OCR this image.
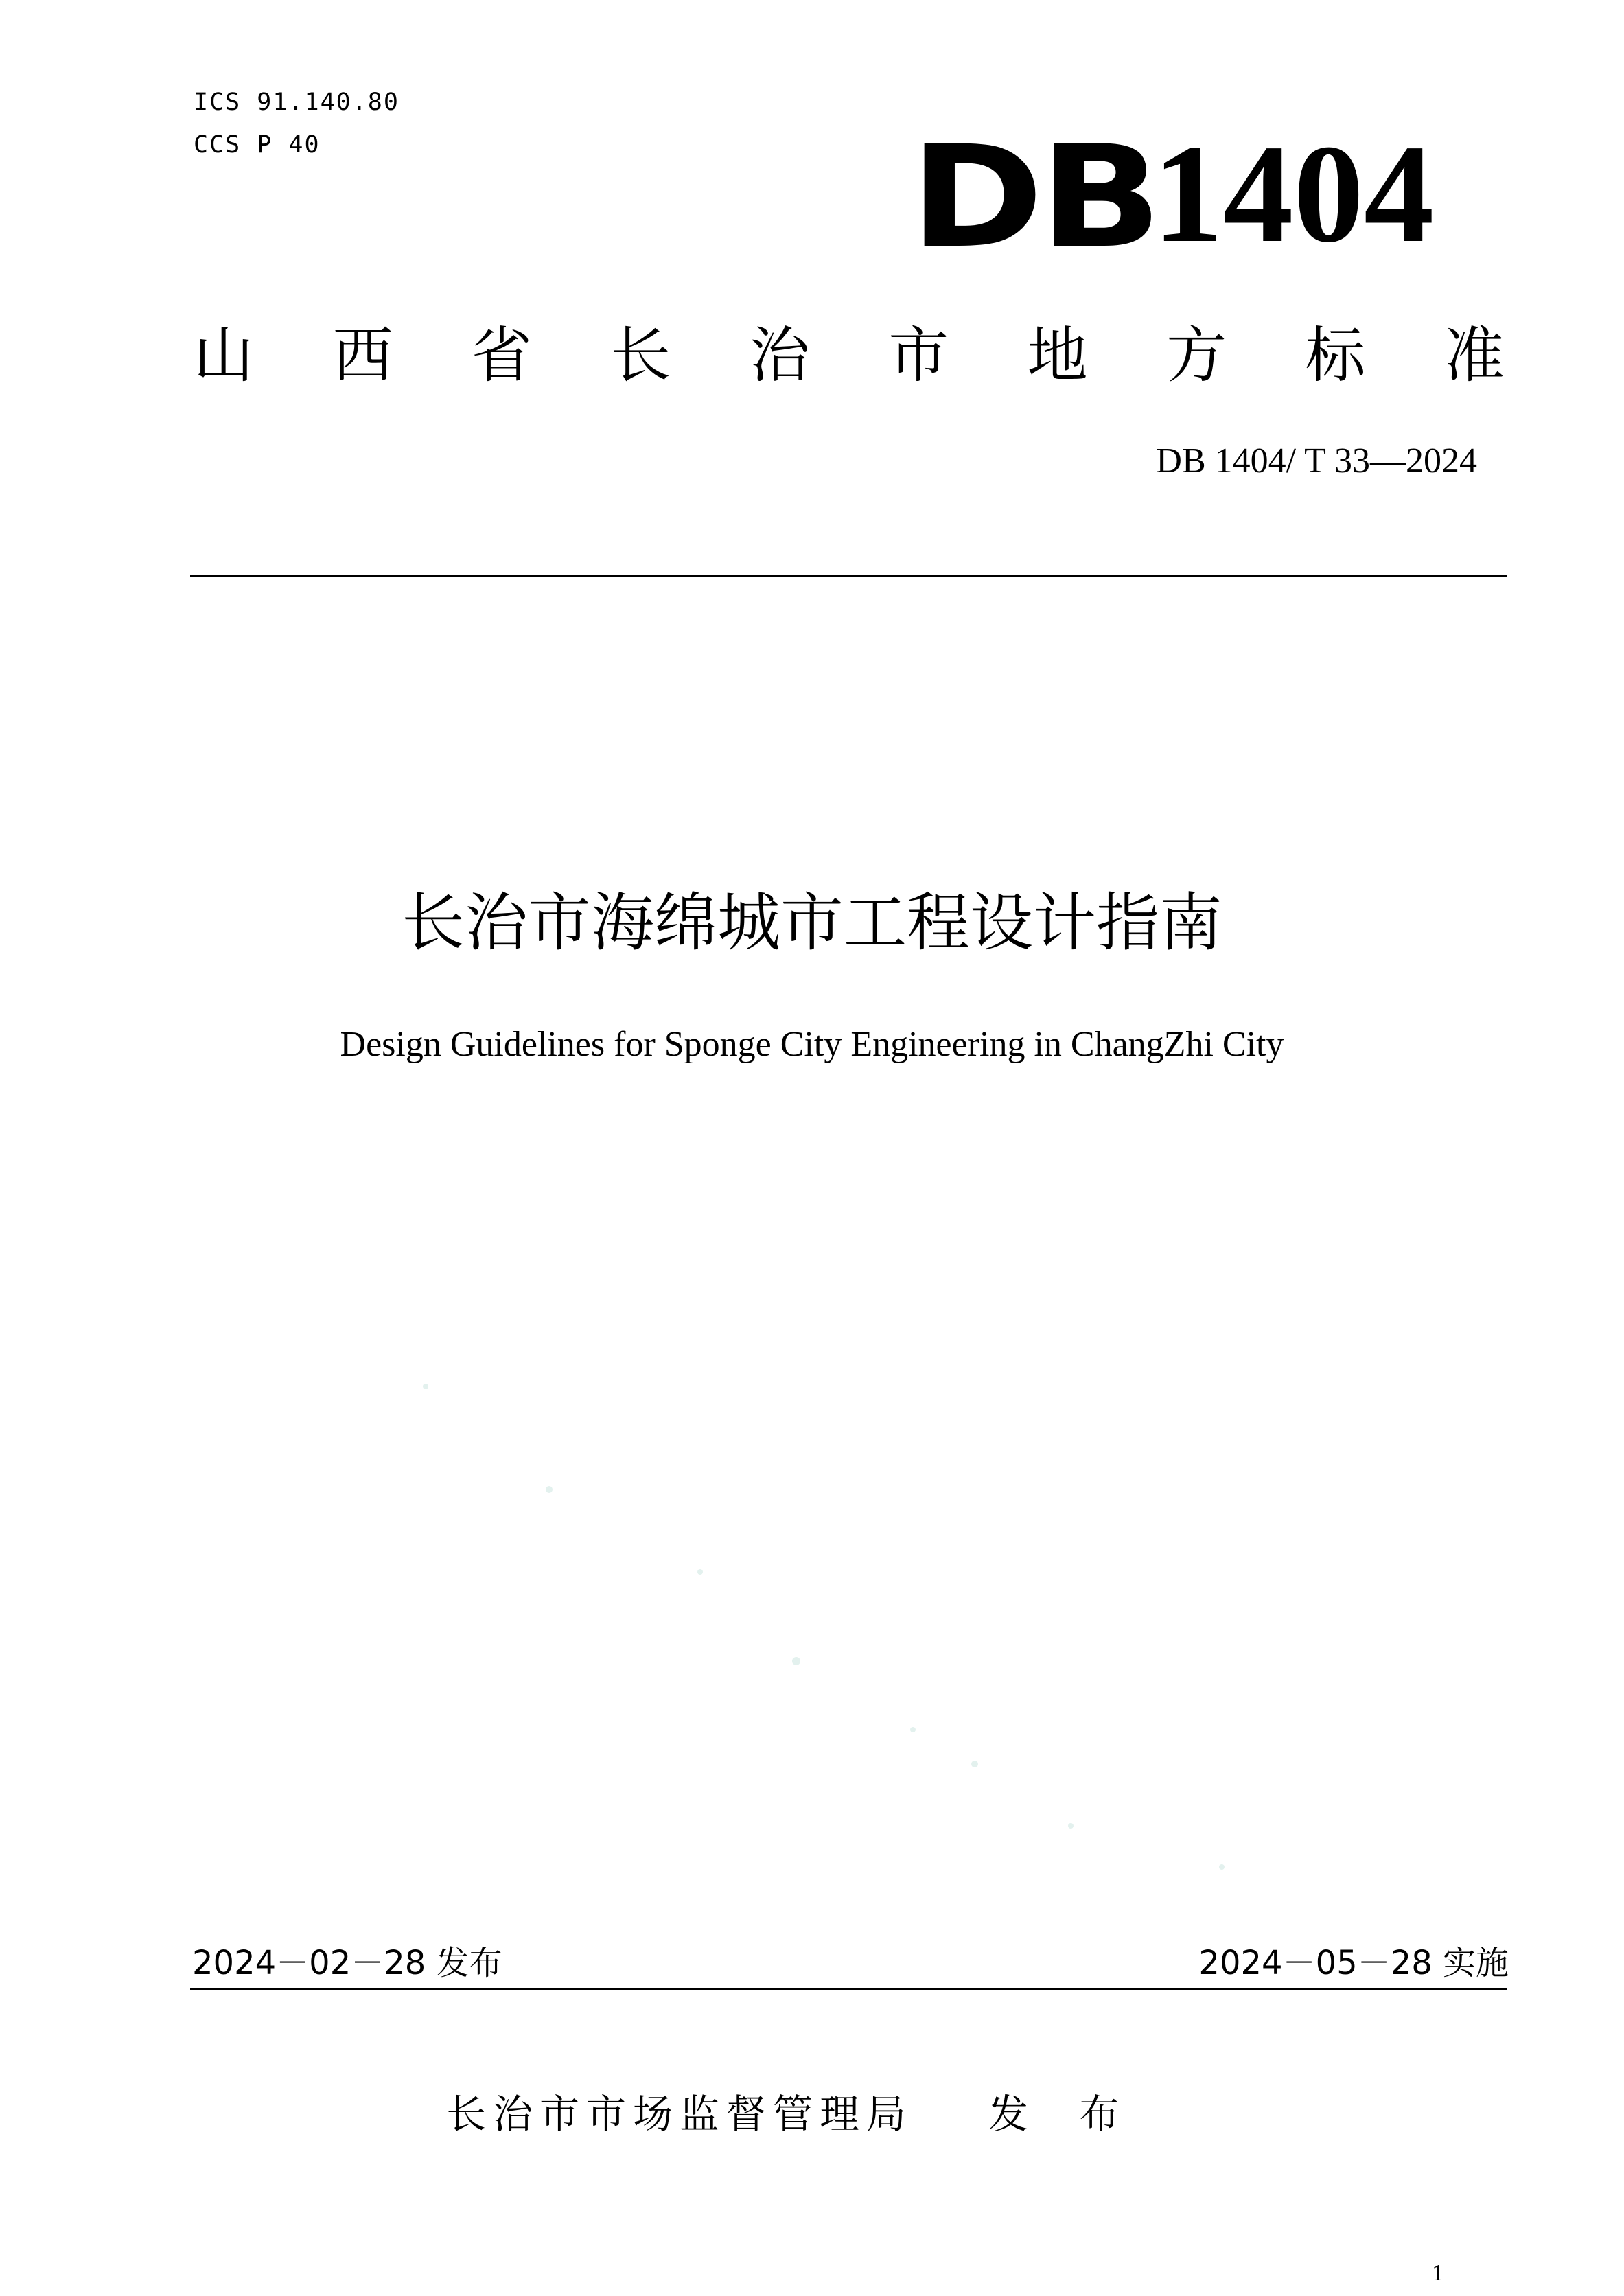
ICS 91.140.80
CCS P 40	DB
1404
山 西 省 长 治 市 地 方 标 准
DB 1404/ T 33—2024
长治市海绵城市工程设计指南
Design Guidelines for Sponge City Engineering in ChangZhi City
2024－02－28 发布	2024－05－28 实施
长治市市场监督管理局 发 布
1
